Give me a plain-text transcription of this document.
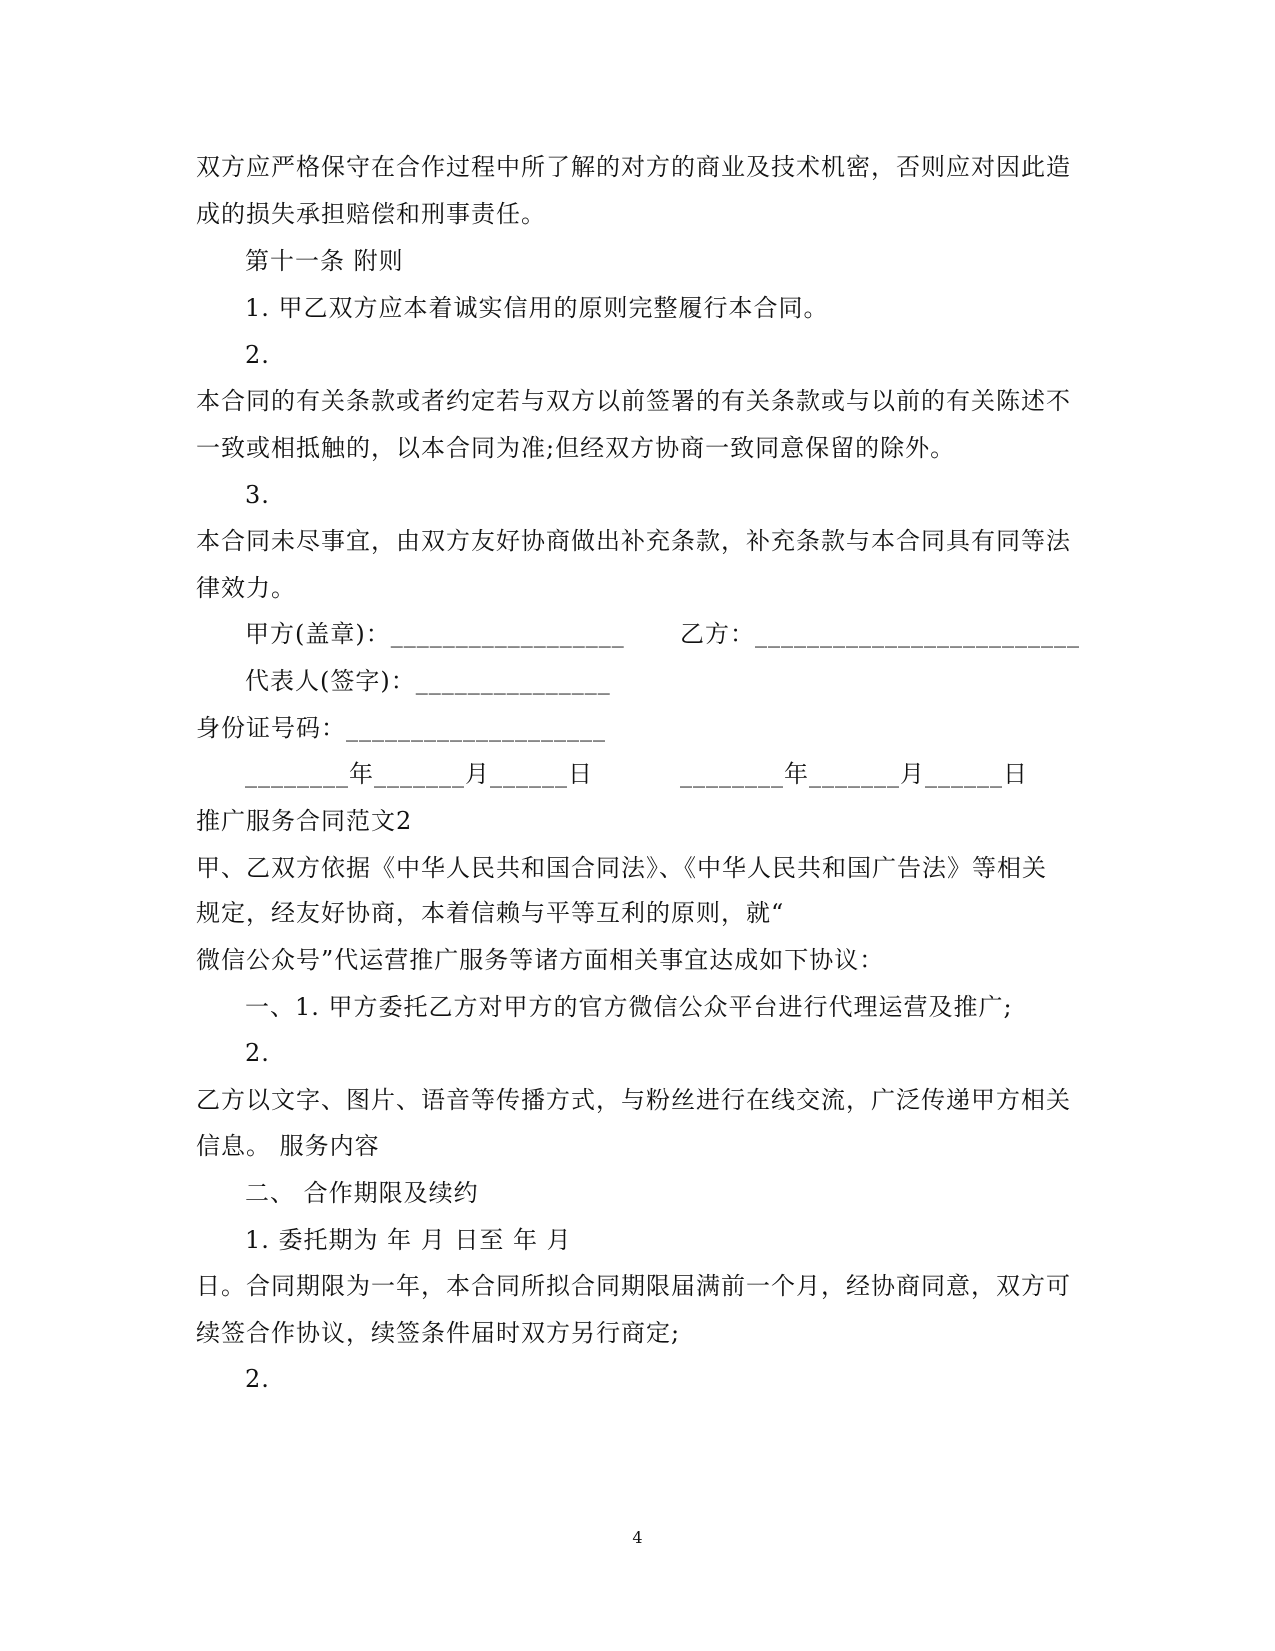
双方应严格保守在合作过程中所了解的对方的商业及技术机密，否则应对因此造
成的损失承担赔偿和刑事责任。
第十一条 附则
1. 甲乙双方应本着诚实信用的原则完整履行本合同。
2.
本合同的有关条款或者约定若与双方以前签署的有关条款或与以前的有关陈述不
一致或相抵触的，以本合同为准;但经双方协商一致同意保留的除外。
3.
本合同未尽事宜，由双方友好协商做出补充条款，补充条款与本合同具有同等法
律效力。
甲方(盖章)：__________________ 乙方：_________________________
代表人(签字)：_______________
身份证号码：____________________
________年_______月______日	________年_______月______日
推广服务合同范文2
甲、乙双方依据《中华人民共和国合同法》、《中华人民共和国广告法》等相关
规定，经友好协商，本着信赖与平等互利的原则，就“
微信公众号”代运营推广服务等诸方面相关事宜达成如下协议：
一、1. 甲方委托乙方对甲方的官方微信公众平台进行代理运营及推广;
2.
乙方以文字、图片、语音等传播方式，与粉丝进行在线交流，广泛传递甲方相关
信息。 服务内容
二、 合作期限及续约
1. 委托期为 年 月 日至 年 月
日。合同期限为一年，本合同所拟合同期限届满前一个月，经协商同意，双方可
续签合作协议，续签条件届时双方另行商定;
2.
4
